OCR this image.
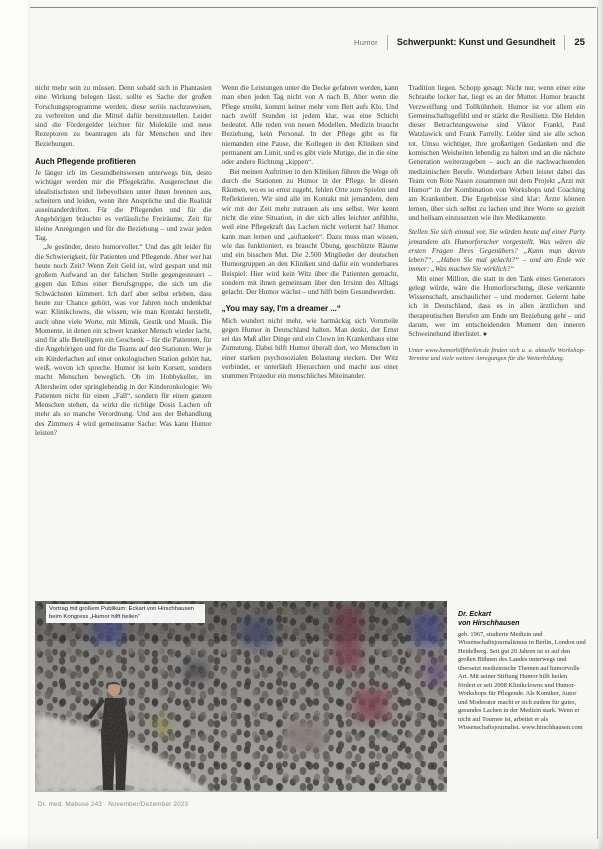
Humor Schwerpunkt: Kunst und Gesundheit 25

nicht mehr sein zu müssen. Denn sobald sich in Phantasien eine Wirkung belegen lässt, sollte es Sache der großen Forschungsprogramme werden, diese seriös nachzuweisen, zu verbreiten und die Mittel dafür bereitzustellen. Leider sind die Fördergelder leichter für Moleküle und neue Rezeptoren zu beantragen als für Menschen und ihre Beziehungen.

Auch Pflegende profitieren

Je länger ich im Gesundheitswesen unterwegs bin, desto wichtiger werden mir die Pflegekräfte. Ausgerechnet die idealistischsten und liebevollsten unter ihnen brennen aus, scheitern und leiden, wenn ihre Ansprüche und die Realität auseinanderdriften. Für die Pflegenden und für die Angehörigen bräuchte es verlässliche Freiräume, Zeit für kleine Anregungen und für die Beziehung – und zwar jeden Tag.

„Je gesünder, desto humorvoller.“ Und das gilt leider für die Schwierigkeit, für Patienten und Pflegende. Aber wer hat heute noch Zeit? Wenn Zeit Geld ist, wird gespart und mit großem Aufwand an der falschen Stelle gegengesteuert – gegen das Ethos einer Berufsgruppe, die sich um die Schwächsten kümmert. Ich darf aber selbst erleben, dass heute zur Chance gehört, was vor Jahren noch undenkbar war: Klinikclowns, die wissen, wie man Kontakt herstellt, auch ohne viele Worte, mit Mimik, Gestik und Musik. Die Momente, in denen ein schwer kranker Mensch wieder lacht, sind für alle Beteiligten ein Geschenk – für die Patienten, für die Angehörigen und für die Teams auf den Stationen. Wer je ein Kinderlachen auf einer onkologischen Station gehört hat, weiß, wovon ich spreche. Humor ist kein Korsett, sondern macht Menschen beweglich. Ob im Hobbykeller, im Altersheim oder springlebendig in der Kinderonkologie: Wo Patienten nicht für einen „Fall“, sondern für einen ganzen Menschen stehen, da wirkt die richtige Dosis Lachen oft mehr als so manche Verordnung. Und aus der Behandlung des Zimmers 4 wird gemeinsame Sache: Was kann Humor leisten?

Wenn die Leistungen unter die Decke gefahren werden, kann man eben jeden Tag nicht von A nach B. Aber wenn die Pflege streikt, kommt keiner mehr vom Bett aufs Klo. Und nach zwölf Stunden ist jedem klar, was eine Schicht bedeutet. Alle reden von neuen Modellen. Medizin braucht Beziehung, kein Personal. In der Pflege gibt es für niemanden eine Pause, die Kollegen in den Kliniken sind permanent am Limit, und es gibt viele Mutige, die in die eine oder andere Richtung „kippen“.

Bei meinen Auftritten in den Kliniken führen die Wege oft durch die Stationen zu Humor in der Pflege. In diesen Räumen, wo es so ernst zugeht, fehlen Orte zum Spielen und Reflektieren. Wir sind alle im Kontakt mit jemandem, dem wir mit der Zeit mehr zutrauen als uns selbst. Wer kennt nicht die eine Situation, in der sich alles leichter anfühlte, weil eine Pflegekraft das Lachen nicht verlernt hat? Humor kann man lernen und „auftanken“. Dazu muss man wissen, wie das funktioniert, es braucht Übung, geschützte Räume und ein bisschen Mut. Die 2.500 Mitglieder der deutschen Humorgruppen an den Kliniken sind dafür ein wunderbares Beispiel: Hier wird kein Witz über die Patienten gemacht, sondern mit ihnen gemeinsam über den Irrsinn des Alltags gelacht. Der Humor wächst – und hilft beim Gesundwerden.

„You may say, I'm a dreamer ...“

Mich wundert nicht mehr, wie hartnäckig sich Vorurteile gegen Humor in Deutschland halten. Man denkt, der Ernst sei das Maß aller Dinge und ein Clown im Krankenhaus eine Zumutung. Dabei hilft Humor überall dort, wo Menschen in einer starken psychosozialen Belastung stecken. Der Witz verbindet, er unterläuft Hierarchien und macht aus einer stummen Prozedur ein menschliches Miteinander.

Tradition liegen. Schopp gesagt: Nicht nur, wenn einer eine Schraube locker hat, liegt es an der Mutter. Humor braucht Verzweiflung und Tollkühnheit. Humor ist vor allem ein Gemeinschaftsgefühl und er stärkt die Resilienz. Die Helden dieser Betrachtungsweise sind Viktor Frankl, Paul Watzlawick und Frank Farrelly. Leider sind sie alle schon tot. Umso wichtiger, ihre großartigen Gedanken und die komischen Weisheiten lebendig zu halten und an die nächste Generation weiterzugeben – auch an die nachwachsenden medizinischen Berufe. Wunderbare Arbeit leistet dabei das Team von Rote Nasen zusammen mit dem Projekt „Arzt mit Humor“ in der Kombination von Workshops und Coaching am Krankenbett. Die Ergebnisse sind klar: Ärzte können lernen, über sich selbst zu lachen und ihre Worte so gezielt und heilsam einzusetzen wie ihre Medikamente.

Stellen Sie sich einmal vor, Sie würden heute auf einer Party jemandem als Humorforscher vorgestellt. Was wären die ersten Fragen Ihres Gegenübers? „Kann man davon leben?“, „Haben Sie mal gelacht?“ – und am Ende wie immer: „Was machen Sie wirklich?“

Mit einer Million, die statt in den Tank eines Generators gelegt würde, wäre die Humorforschung, diese verkannte Wissenschaft, anschaulicher – und moderner. Gelernt habe ich in Deutschland, dass es in allen ärztlichen und therapeutischen Berufen am Ende um Beziehung geht – und darum, wer im entscheidenden Moment den inneren Schweinehund überlistet. ●

Unter www.humorhilftheilen.de finden sich u. a. aktuelle Workshop-Termine und viele weitere Anregungen für die Weiterbildung.

Vortrag mit großem Publikum: Eckart von Hirschhausen beim Kongress „Humor hilft heilen“	Dr. Eckart
von Hirschhausen

geb. 1967, studierte Medizin und Wissenschaftsjournalismus in Berlin, London und Heidelberg. Seit gut 20 Jahren ist er auf den großen Bühnen des Landes unterwegs und übersetzt medizinische Themen auf humorvolle Art. Mit seiner Stiftung Humor hilft heilen fördert er seit 2008 Klinikclowns und Humor-Workshops für Pflegende. Als Komiker, Autor und Moderator macht er sich zudem für gutes, gesundes Lachen in der Medizin stark. Wenn er nicht auf Tournee ist, arbeitet er als Wissenschaftsjournalist. www.hirschhausen.com

Dr. med. Mabuse 243 · November/Dezember 2023
